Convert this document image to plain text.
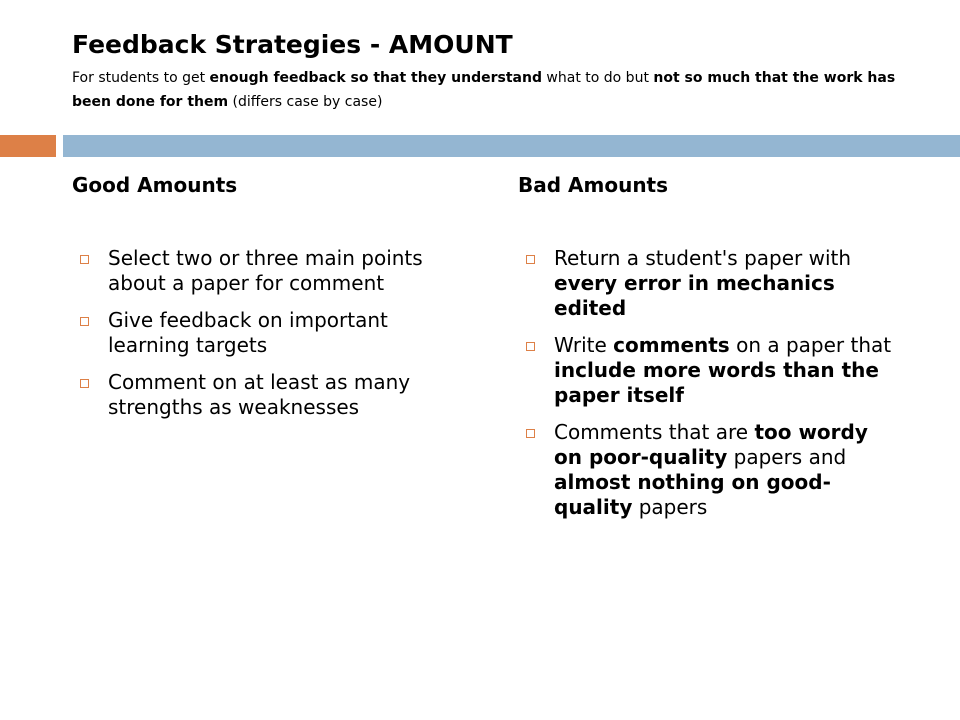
Feedback Strategies - AMOUNT

For students to get enough feedback so that they understand what to do but not so much that the work has been done for them (differs case by case)

Good Amounts
Select two or three main points about a paper for comment
Give feedback on important learning targets
Comment on at least as many strengths as weaknesses
Bad Amounts
Return a student's paper with every error in mechanics edited
Write comments on a paper that include more words than the paper itself
Comments that are too wordy on poor-quality papers and almost nothing on good-quality papers
